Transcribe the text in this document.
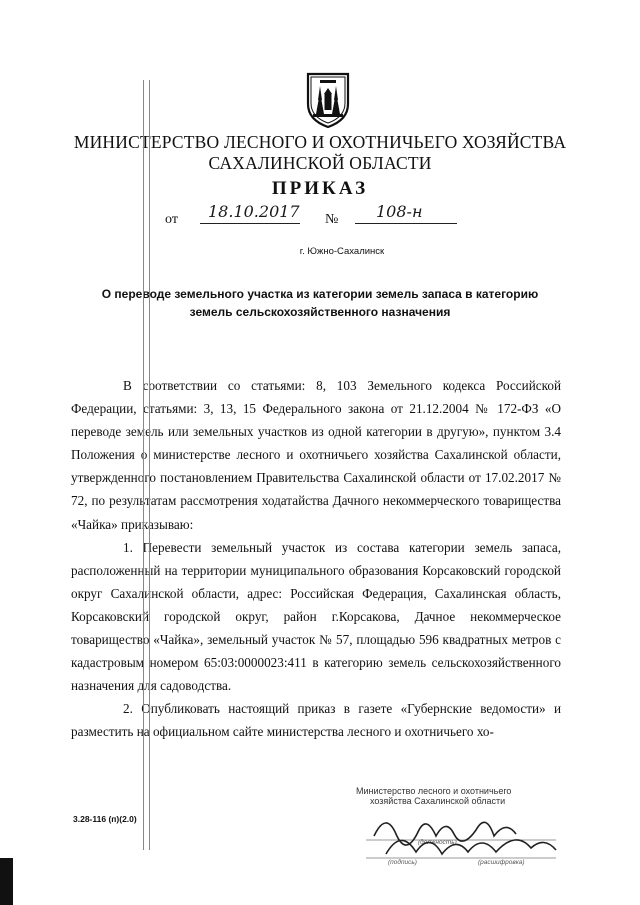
МИНИСТЕРСТВО ЛЕСНОГО И ОХОТНИЧЬЕГО ХОЗЯЙСТВА
САХАЛИНСКОЙ ОБЛАСТИ
ПРИКАЗ
от 18.10.2017 № 108-н
г. Южно-Сахалинск
О переводе земельного участка из категории земель запаса в категорию
земель сельскохозяйственного назначения

В соответствии со статьями: 8, 103 Земельного кодекса Российской Федерации, статьями: 3, 13, 15 Федерального закона от 21.12.2004 № 172-ФЗ «О переводе земель или земельных участков из одной категории в другую», пунктом 3.4 Положения о министерстве лесного и охотничьего хозяйства Сахалинской области, утвержденного постановлением Правительства Сахалинской области от 17.02.2017 № 72, по результатам рассмотрения ходатайства Дачного некоммерческого товарищества «Чайка» приказываю:

1. Перевести земельный участок из состава категории земель запаса, расположенный на территории муниципального образования Корсаковский городской округ Сахалинской области, адрес: Российская Федерация, Сахалинская область, Корсаковский городской округ, район г.Корсакова, Дачное некоммерческое товарищество «Чайка», земельный участок № 57, площадью 596 квадратных метров с кадастровым номером 65:03:0000023:411 в категорию земель сельскохозяйственного назначения для садоводства.

2. Опубликовать настоящий приказ в газете «Губернские ведомости» и разместить на официальном сайте министерства лесного и охотничьего хо-

3.28-116 (п)(2.0)
Министерство лесного и охотничьего
хозяйства Сахалинской области
(должность)
(подпись)	(расшифровка)
